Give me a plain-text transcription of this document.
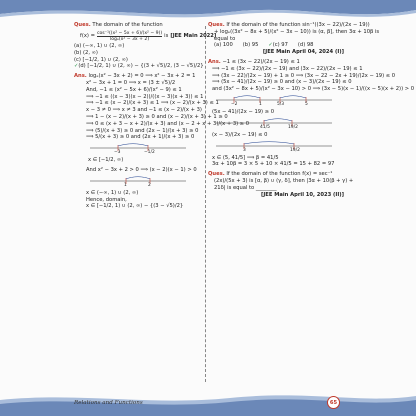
Ques. The domain of the function
$f(x) = \frac{\text{cos⁻¹((x² − 5x + 6)/(x² − 9))}}{\text{logₑ(x² − 3x + 2)}}$ is [JEE Main 2022]
(a) (−∞, 1) ∪ (2, ∞)
(b) (2, ∞)
(c) [−1/2, 1) ∪ (2, ∞)
✓(d) [−1/2, 1) ∪ (2, ∞) − {(3 + √5)/2, (3 − √5)/2}
Ans. logₑ(x² − 3x + 2) = 0 ⟹ x² − 3x + 2 = 1
x² − 3x + 1 = 0 ⟹ x = (3 ± √5)/2
And, −1 ≤ (x² − 5x + 6)/(x² − 9) ≤ 1
⟹ −1 ≤ ((x − 3)(x − 2))/((x − 3)(x + 3)) ≤ 1
⟹ −1 ≤ (x − 2)/(x + 3) ≤ 1 ⟹ (x − 2)/(x + 3) ≤ 1
x − 3 ≠ 0 ⟹ x ≠ 3 and −1 ≤ (x − 2)/(x + 3)
⟹ 1 − (x − 2)/(x + 3) ≥ 0 and (x − 2)/(x + 3) + 1 ≥ 0
⟹ 0 ≤ (x + 3 − x + 2)/(x + 3) and (x − 2 + x + 3)/(x + 3) ≥ 0
⟹ (5)/(x + 3) ≥ 0 and (2x − 1)/(x + 3) ≥ 0
⟹ 5/(x + 3) ≥ 0 and (2x + 1)/(x + 3) ≥ 0
−3	−1/2
x ∈ [−1/2, ∞)
And x² − 3x + 2 > 0 ⟹ (x − 2)(x − 1) > 0
1	2
x ∈ (−∞, 1) ∪ (2, ∞)
Hence, domain,
x ∈ [−1/2, 1) ∪ (2, ∞) − {(3 − √5)/2}
Ques. If the domain of the function sin⁻¹((3x − 22)/(2x − 19))
+ logₑ((3x² − 8x + 5)/(x² − 3x − 10)) is (α, β], then 3α + 10β is
equal to
(a) 100 (b) 95 ✓(c) 97 (d) 98
[JEE Main April 04, 2024 (I)]
Ans. −1 ≤ (3x − 22)/(2x − 19) ≤ 1
⟹ −1 ≤ (3x − 22)/(2x − 19) and (3x − 22)/(2x − 19) ≤ 1
⟹ (3x − 22)/(2x − 19) + 1 ≥ 0 ⟹ (3x − 22 − 2x + 19)/(2x − 19) ≤ 0
⟹ (5x − 41)/(2x − 19) ≥ 0 and (x − 3)/(2x − 19) ≤ 0
and (3x² − 8x + 5)/(x² − 3x − 10) > 0 ⟹ (3x − 5)(x − 1)/((x − 5)(x + 2)) > 0
−2	1	5/3	5
(5x − 41)/(2x − 19) ≥ 0
41/5	19/2
(x − 3)/(2x − 19) ≤ 0
3	19/2
x ∈ (5, 41/5] ⟹ β = 41/5
3α + 10β = 3 × 5 + 10 × 41/5 = 15 + 82 = 97
Ques. If the domain of the function f(x) = sec⁻¹
(2x)/(5x + 3) is [α, β) ∪ (γ, δ], then |3α + 10(β + γ) +
21δ| is equal to ________
[JEE Main April 10, 2023 (II)]
Relations and Functions	65
